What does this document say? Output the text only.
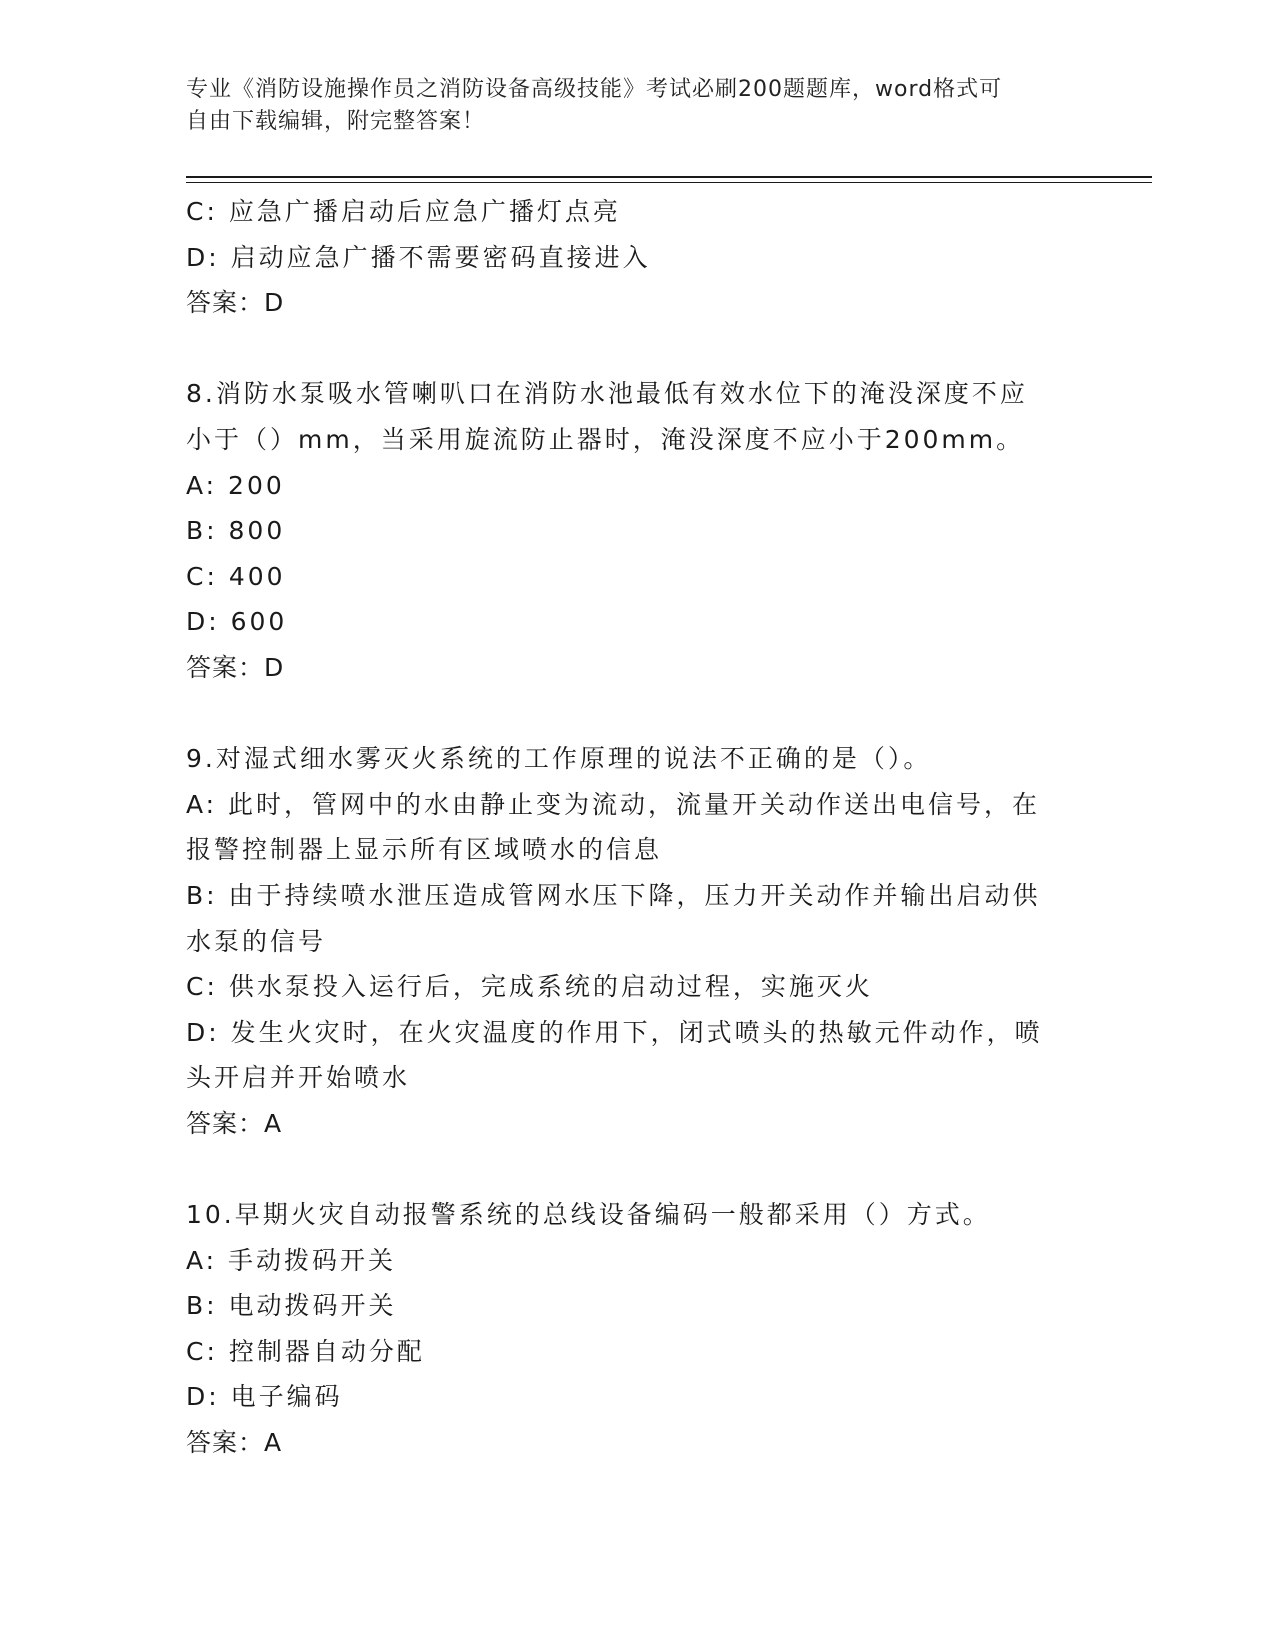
专业《消防设施操作员之消防设备高级技能》考试必刷200题题库，word格式可
自由下载编辑，附完整答案！
C: 应急广播启动后应急广播灯点亮
D: 启动应急广播不需要密码直接进入
答案：D
8.消防水泵吸水管喇叭口在消防水池最低有效水位下的淹没深度不应
小于（）mm，当采用旋流防止器时，淹没深度不应小于200mm。
A: 200
B: 800
C: 400
D: 600
答案：D
9.对湿式细水雾灭火系统的工作原理的说法不正确的是（）。
A: 此时，管网中的水由静止变为流动，流量开关动作送出电信号，在
报警控制器上显示所有区域喷水的信息
B: 由于持续喷水泄压造成管网水压下降，压力开关动作并输出启动供
水泵的信号
C: 供水泵投入运行后，完成系统的启动过程，实施灭火
D: 发生火灾时，在火灾温度的作用下，闭式喷头的热敏元件动作，喷
头开启并开始喷水
答案：A
10.早期火灾自动报警系统的总线设备编码一般都采用（）方式。
A: 手动拨码开关
B: 电动拨码开关
C: 控制器自动分配
D: 电子编码
答案：A
